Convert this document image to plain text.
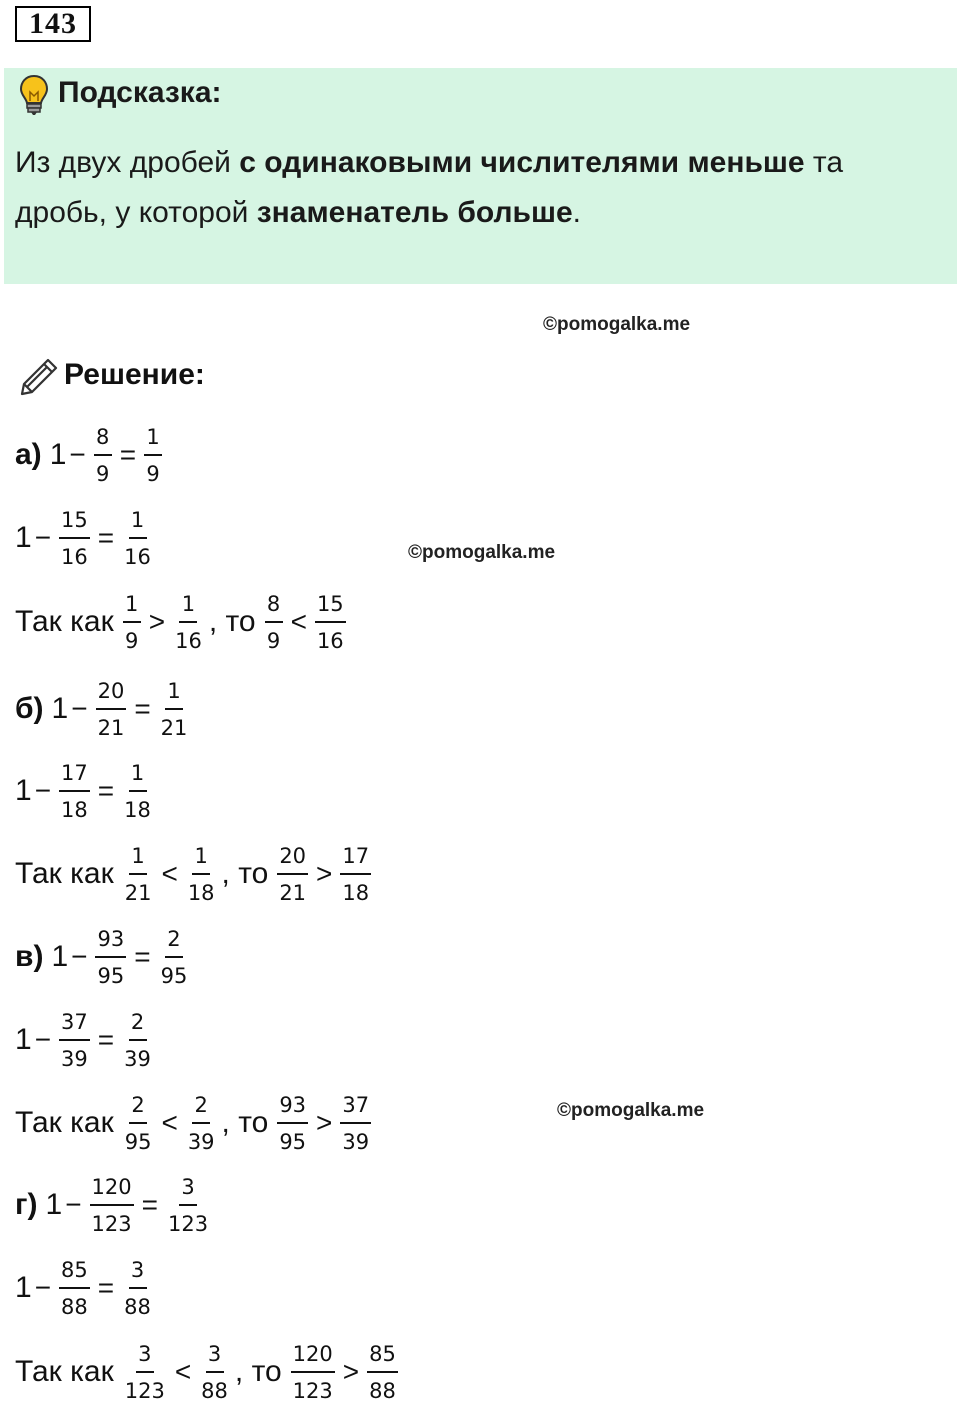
143
Подсказка:
Из двух дробей с одинаковыми числителями меньше та дробь, у которой знаменатель больше.
©pomogalka.me
©pomogalka.me
©pomogalka.me
Решение:
а) $1 - \frac{8}{9} = \frac{1}{9}$
$1 - \frac{15}{16} = \frac{1}{16}$
Так как $\frac{1}{9} > \frac{1}{16}$ , то $\frac{8}{9} < \frac{15}{16}$
б) $1 - \frac{20}{21} = \frac{1}{21}$
$1 - \frac{17}{18} = \frac{1}{18}$
Так как $\frac{1}{21} < \frac{1}{18}$ , то $\frac{20}{21} > \frac{17}{18}$
в) $1 - \frac{93}{95} = \frac{2}{95}$
$1 - \frac{37}{39} = \frac{2}{39}$
Так как $\frac{2}{95} < \frac{2}{39}$ , то $\frac{93}{95} > \frac{37}{39}$
г) $1 - \frac{120}{123} = \frac{3}{123}$
$1 - \frac{85}{88} = \frac{3}{88}$
Так как $\frac{3}{123} < \frac{3}{88}$ , то $\frac{120}{123} > \frac{85}{88}$
